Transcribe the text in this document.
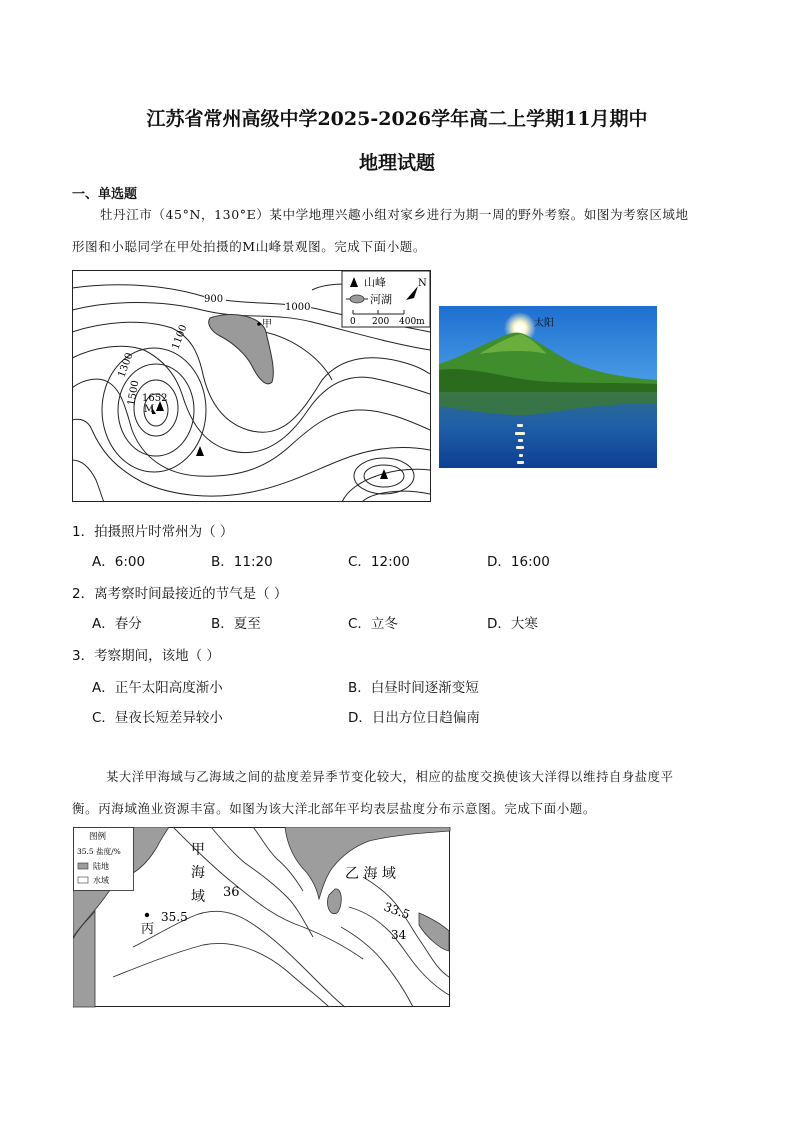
江苏省常州高级中学2025-2026学年高二上学期11月期中
地理试题
一、单选题
牡丹江市（45°N，130°E）某中学地理兴趣小组对家乡进行为期一周的野外考察。如图为考察区域地
形图和小聪同学在甲处拍摄的M山峰景观图。完成下面小题。
甲
1652
M
900
1000
1100
1300
1500
山峰
河湖
N
0 200 400m	太阳
1．拍摄照片时常州为（ ）
A．6:00	B．11:20	C．12:00	D．16:00
2．离考察时间最接近的节气是（ ）
A．春分	B．夏至	C．立冬	D．大寒
3．考察期间，该地（ ）
A．正午太阳高度渐小	B．白昼时间逐渐变短
C．昼夜长短差异较小	D．日出方位日趋偏南
某大洋甲海域与乙海域之间的盐度差异季节变化较大，相应的盐度交换使该大洋得以维持自身盐度平
衡。丙海域渔业资源丰富。如图为该大洋北部年平均表层盐度分布示意图。完成下面小题。
图例
35.5 盐度/%
陆地
水域
甲
海
域 36
35.5
丙
乙 海 域
33.5
34
